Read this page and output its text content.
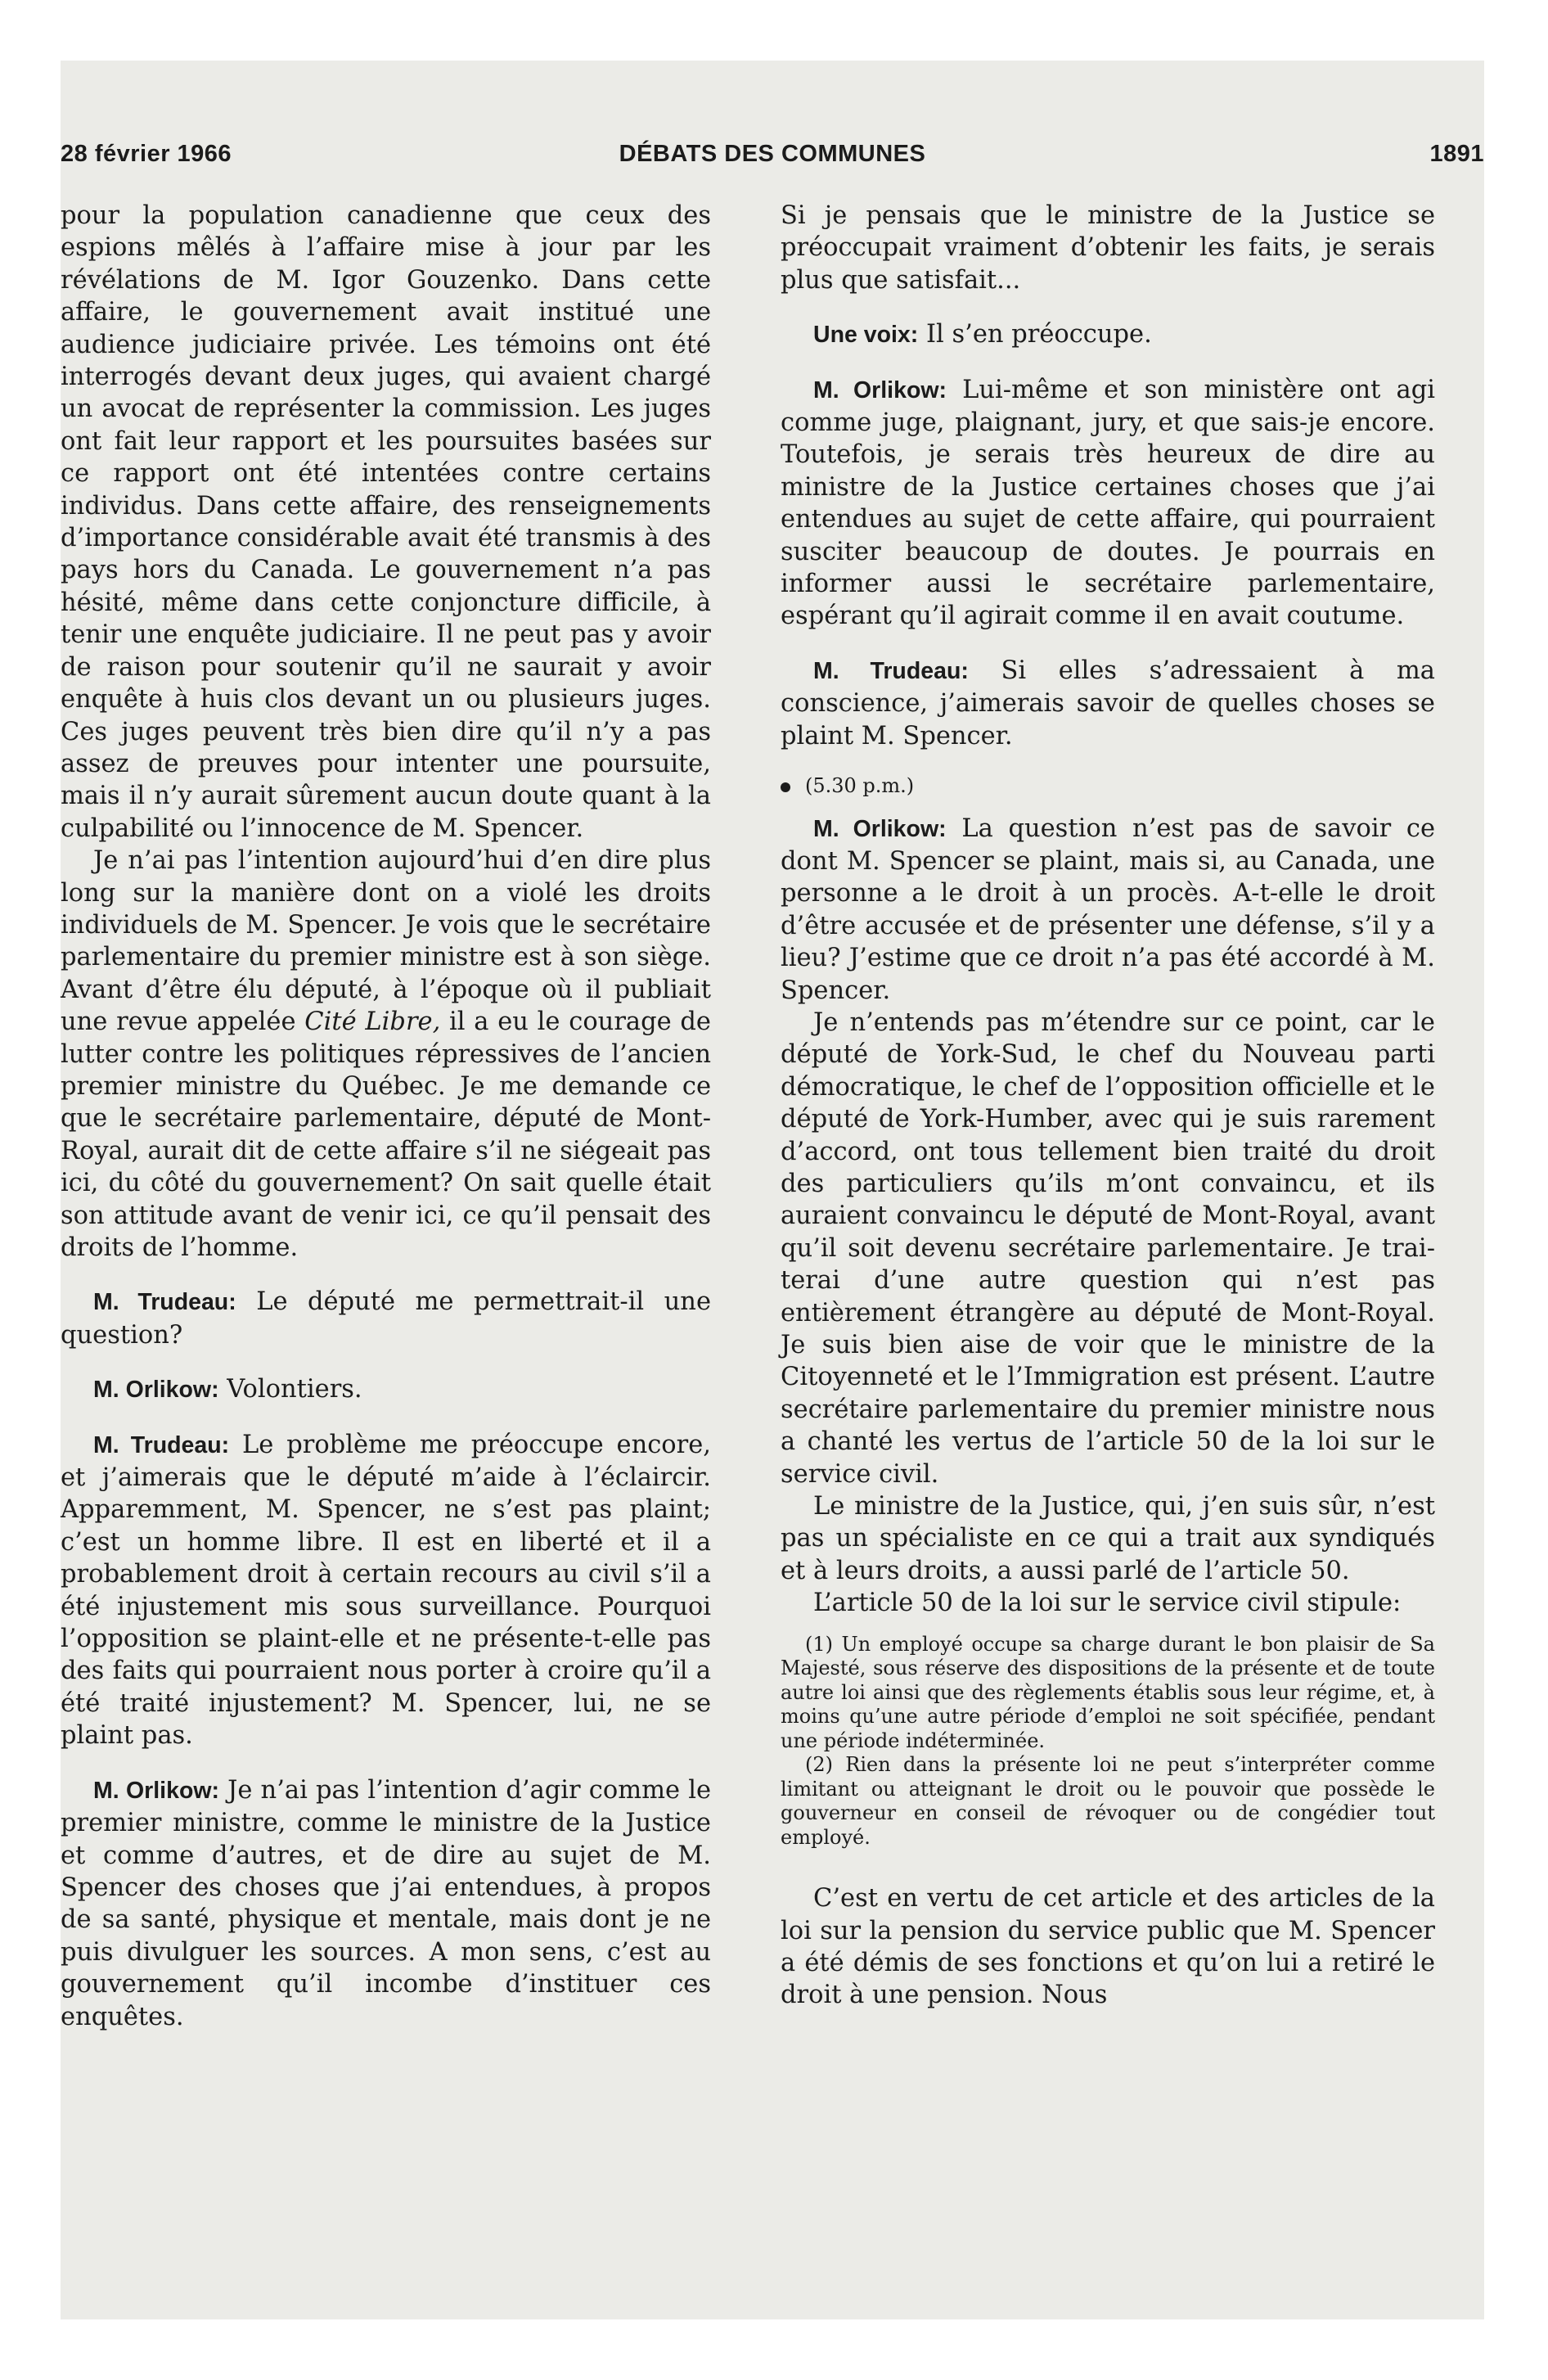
28 février 1966	DÉBATS DES COMMUNES	1891

pour la population canadienne que ceux des espions mêlés à l’affaire mise à jour par les révélations de M. Igor Gouzenko. Dans cette affaire, le gouvernement avait institué une audience judiciaire privée. Les témoins ont été interrogés devant deux juges, qui avaient chargé un avocat de représenter la commission. Les juges ont fait leur rapport et les poursuites basées sur ce rapport ont été intentées contre certains individus. Dans cette affaire, des renseignements d’importance considérable avait été transmis à des pays hors du Canada. Le gouvernement n’a pas hésité, même dans cette conjoncture difficile, à tenir une enquête judiciaire. Il ne peut pas y avoir de raison pour soutenir qu’il ne saurait y avoir enquête à huis clos devant un ou plusieurs juges. Ces juges peuvent très bien dire qu’il n’y a pas assez de preuves pour intenter une poursuite, mais il n’y aurait sûrement aucun doute quant à la culpabilité ou l’innocence de M. Spencer.

Je n’ai pas l’intention aujourd’hui d’en dire plus long sur la manière dont on a violé les droits individuels de M. Spencer. Je vois que le secrétaire parlementaire du premier ministre est à son siège. Avant d’être élu député, à l’époque où il publiait une revue appelée Cité Libre, il a eu le courage de lutter contre les politiques répressives de l’ancien premier ministre du Québec. Je me demande ce que le secrétaire parlementaire, député de Mont-Royal, aurait dit de cette affaire s’il ne siégeait pas ici, du côté du gouvernement? On sait quelle était son attitude avant de venir ici, ce qu’il pensait des droits de l’homme.

M. Trudeau: Le député me permettrait-il une question?

M. Orlikow: Volontiers.

M. Trudeau: Le problème me préoccupe encore, et j’aimerais que le député m’aide à l’éclaircir. Apparemment, M. Spencer, ne s’est pas plaint; c’est un homme libre. Il est en liberté et il a probablement droit à certain recours au civil s’il a été injustement mis sous surveillance. Pourquoi l’opposition se plaint-elle et ne présente-t-elle pas des faits qui pourraient nous porter à croire qu’il a été traité injustement? M. Spencer, lui, ne se plaint pas.

M. Orlikow: Je n’ai pas l’intention d’agir comme le premier ministre, comme le ministre de la Justice et comme d’autres, et de dire au sujet de M. Spencer des choses que j’ai entendues, à propos de sa santé, physique et mentale, mais dont je ne puis divulguer les sources. A mon sens, c’est au gouvernement qu’il incombe d’instituer ces enquêtes.

Si je pensais que le ministre de la Justice se préoccupait vraiment d’obtenir les faits, je serais plus que satisfait...

Une voix: Il s’en préoccupe.

M. Orlikow: Lui-même et son ministère ont agi comme juge, plaignant, jury, et que sais-je encore. Toutefois, je serais très heureux de dire au ministre de la Justice certaines choses que j’ai entendues au sujet de cette affaire, qui pourraient susciter beaucoup de doutes. Je pourrais en informer aussi le secrétaire parlementaire, espérant qu’il agirait comme il en avait coutume.

M. Trudeau: Si elles s’adressaient à ma conscience, j’aimerais savoir de quelles choses se plaint M. Spencer.

(5.30 p.m.)

M. Orlikow: La question n’est pas de savoir ce dont M. Spencer se plaint, mais si, au Canada, une personne a le droit à un procès. A-t-elle le droit d’être accusée et de présenter une défense, s’il y a lieu? J’estime que ce droit n’a pas été accordé à M. Spencer.

Je n’entends pas m’étendre sur ce point, car le député de York-Sud, le chef du Nouveau parti démocratique, le chef de l’opposition officielle et le député de York-Humber, avec qui je suis rarement d’accord, ont tous tellement bien traité du droit des particuliers qu’ils m’ont convaincu, et ils auraient convaincu le député de Mont-Royal, avant qu’il soit devenu secrétaire parlementaire. Je traiterai d’une autre question qui n’est pas entièrement étrangère au député de Mont-Royal. Je suis bien aise de voir que le ministre de la Citoyenneté et le l’Immigration est présent. L’autre secrétaire parlementaire du premier ministre nous a chanté les vertus de l’article 50 de la loi sur le service civil.

Le ministre de la Justice, qui, j’en suis sûr, n’est pas un spécialiste en ce qui a trait aux syndiqués et à leurs droits, a aussi parlé de l’article 50.

L’article 50 de la loi sur le service civil stipule:

(1) Un employé occupe sa charge durant le bon plaisir de Sa Majesté, sous réserve des dispositions de la présente et de toute autre loi ainsi que des règlements établis sous leur régime, et, à moins qu’une autre période d’emploi ne soit spécifiée, pendant une période indéterminée.

(2) Rien dans la présente loi ne peut s’interpréter comme limitant ou atteignant le droit ou le pouvoir que possède le gouverneur en conseil de révoquer ou de congédier tout employé.

C’est en vertu de cet article et des articles de la loi sur la pension du service public que M. Spencer a été démis de ses fonctions et qu’on lui a retiré le droit à une pension. Nous
